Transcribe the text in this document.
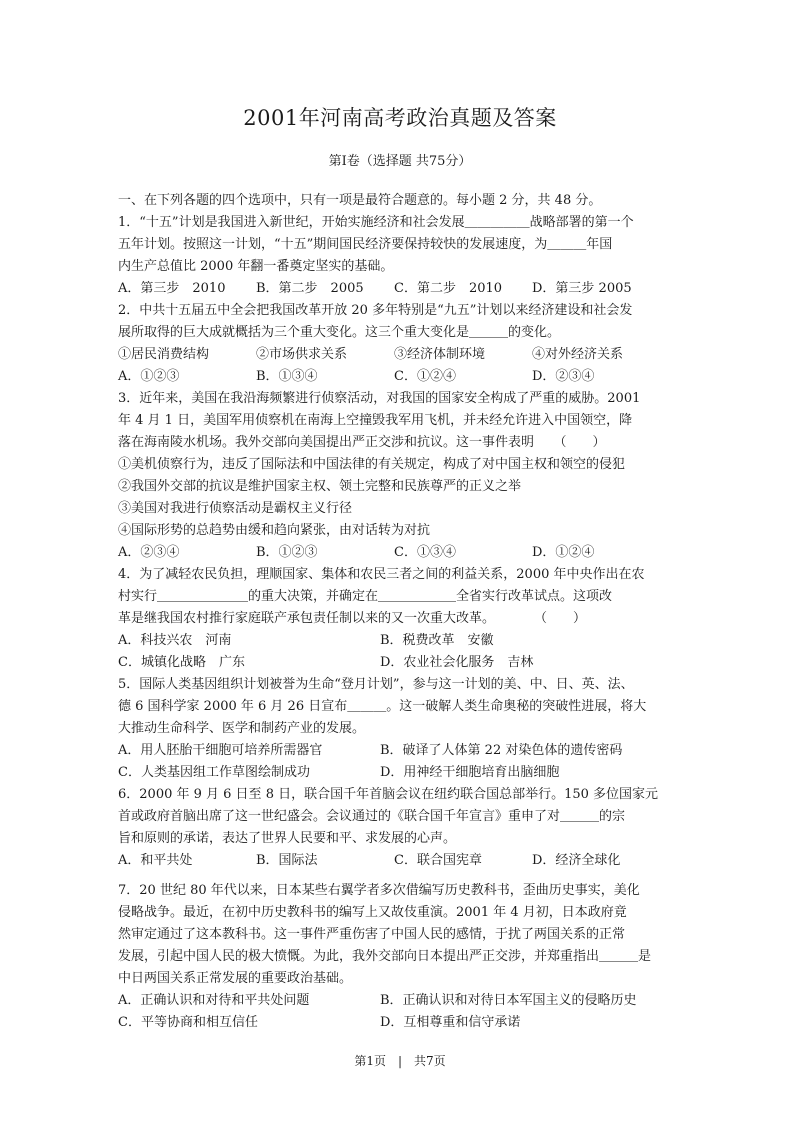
2001年河南高考政治真题及答案
第Ⅰ卷（选择题 共75分）
一、在下列各题的四个选项中，只有一项是最符合题意的。每小题 2 分，共 48 分。
1．“十五”计划是我国进入新世纪，开始实施经济和社会发展＿＿＿＿＿战略部署的第一个
五年计划。按照这一计划，“十五”期间国民经济要保持较快的发展速度，为＿＿＿年国
内生产总值比 2000 年翻一番奠定坚实的基础。
A．第三步　2010	B．第二步　2005	C．第二步　2010	D．第三步 2005
2．中共十五届五中全会把我国改革开放 20 多年特别是“九五”计划以来经济建设和社会发
展所取得的巨大成就概括为三个重大变化。这三个重大变化是＿＿＿的变化。
①居民消费结构	②市场供求关系	③经济体制环境	④对外经济关系
A．①②③	B．①③④	C．①②④	D．②③④
3．近年来，美国在我沿海频繁进行侦察活动，对我国的国家安全构成了严重的威胁。2001
年 4 月 1 日，美国军用侦察机在南海上空撞毁我军用飞机，并未经允许进入中国领空，降
落在海南陵水机场。我外交部向美国提出严正交涉和抗议。这一事件表明　　（　　）
①美机侦察行为，违反了国际法和中国法律的有关规定，构成了对中国主权和领空的侵犯
②我国外交部的抗议是维护国家主权、领土完整和民族尊严的正义之举
③美国对我进行侦察活动是霸权主义行径
④国际形势的总趋势由缓和趋向紧张，由对话转为对抗
A．②③④	B．①②③	C．①③④	D．①②④
4．为了减轻农民负担，理顺国家、集体和农民三者之间的利益关系，2000 年中央作出在农
村实行＿＿＿＿＿＿＿的重大决策，并确定在＿＿＿＿＿＿全省实行改革试点。这项改
革是继我国农村推行家庭联产承包责任制以来的又一次重大改革。　　　　（　　）
A．科技兴农　河南	B．税费改革　安徽
C．城镇化战略　广东	D．农业社会化服务　吉林
5．国际人类基因组织计划被誉为生命“登月计划”，参与这一计划的美、中、日、英、法、
德 6 国科学家 2000 年 6 月 26 日宣布＿＿＿。这一破解人类生命奥秘的突破性进展，将大
大推动生命科学、医学和制药产业的发展。
A．用人胚胎干细胞可培养所需器官	B．破译了人体第 22 对染色体的遗传密码
C．人类基因组工作草图绘制成功	D．用神经干细胞培育出脑细胞
6．2000 年 9 月 6 日至 8 日，联合国千年首脑会议在纽约联合国总部举行。150 多位国家元
首或政府首脑出席了这一世纪盛会。会议通过的《联合国千年宣言》重申了对＿＿＿的宗
旨和原则的承诺，表达了世界人民要和平、求发展的心声。
A．和平共处	B．国际法	C．联合国宪章	D．经济全球化
7．20 世纪 80 年代以来，日本某些右翼学者多次借编写历史教科书，歪曲历史事实，美化
侵略战争。最近，在初中历史教科书的编写上又故伎重演。2001 年 4 月初，日本政府竟
然审定通过了这本教科书。这一事件严重伤害了中国人民的感情，于扰了两国关系的正常
发展，引起中国人民的极大愤慨。为此，我外交部向日本提出严正交涉，并郑重指出＿＿＿是
中日两国关系正常发展的重要政治基础。
A．正确认识和对待和平共处问题	B．正确认识和对待日本军国主义的侵略历史
C．平等协商和相互信任	D．互相尊重和信守承诺
第1页　|　共7页
